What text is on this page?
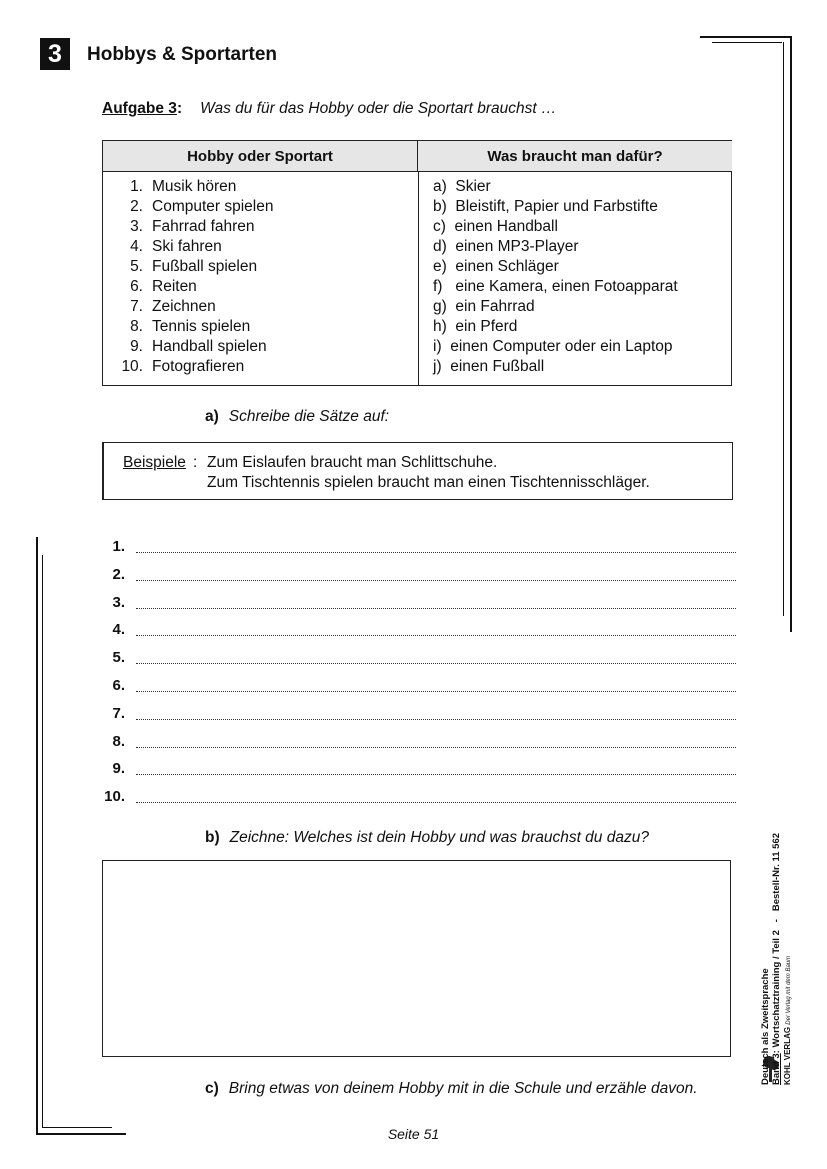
3	Hobbys & Sportarten
Aufgabe 3: Was du für das Hobby oder die Sportart brauchst …
Hobby oder Sportart	Was braucht man dafür?
1. Musik hören
2. Computer spielen
3. Fahrrad fahren
4. Ski fahren
5. Fußball spielen
6. Reiten
7. Zeichnen
8. Tennis spielen
9. Handball spielen
10. Fotografieren
a)  Skier
b)  Bleistift, Papier und Farbstifte
c)  einen Handball
d)  einen MP3-Player
e)  einen Schläger
f)   eine Kamera, einen Fotoapparat
g)  ein Fahrrad
h)  ein Pferd
i)  einen Computer oder ein Laptop
j)  einen Fußball
a) Schreibe die Sätze auf:
Beispiele : Zum Eislaufen braucht man Schlittschuhe.
Zum Tischtennis spielen braucht man einen Tischtennisschläger.
1.
2.
3.
4.
5.
6.
7.
8.
9.
10.
b) Zeichne: Welches ist dein Hobby und was brauchst du dazu?
c) Bring etwas von deinem Hobby mit in die Schule und erzähle davon.
Deutsch als Zweitsprache Band 3: Wortschatztraining / Teil 2   -   Bestell-Nr. 11 562
KOHL VERLAG Der Verlag mit dem Baum
Seite 51
